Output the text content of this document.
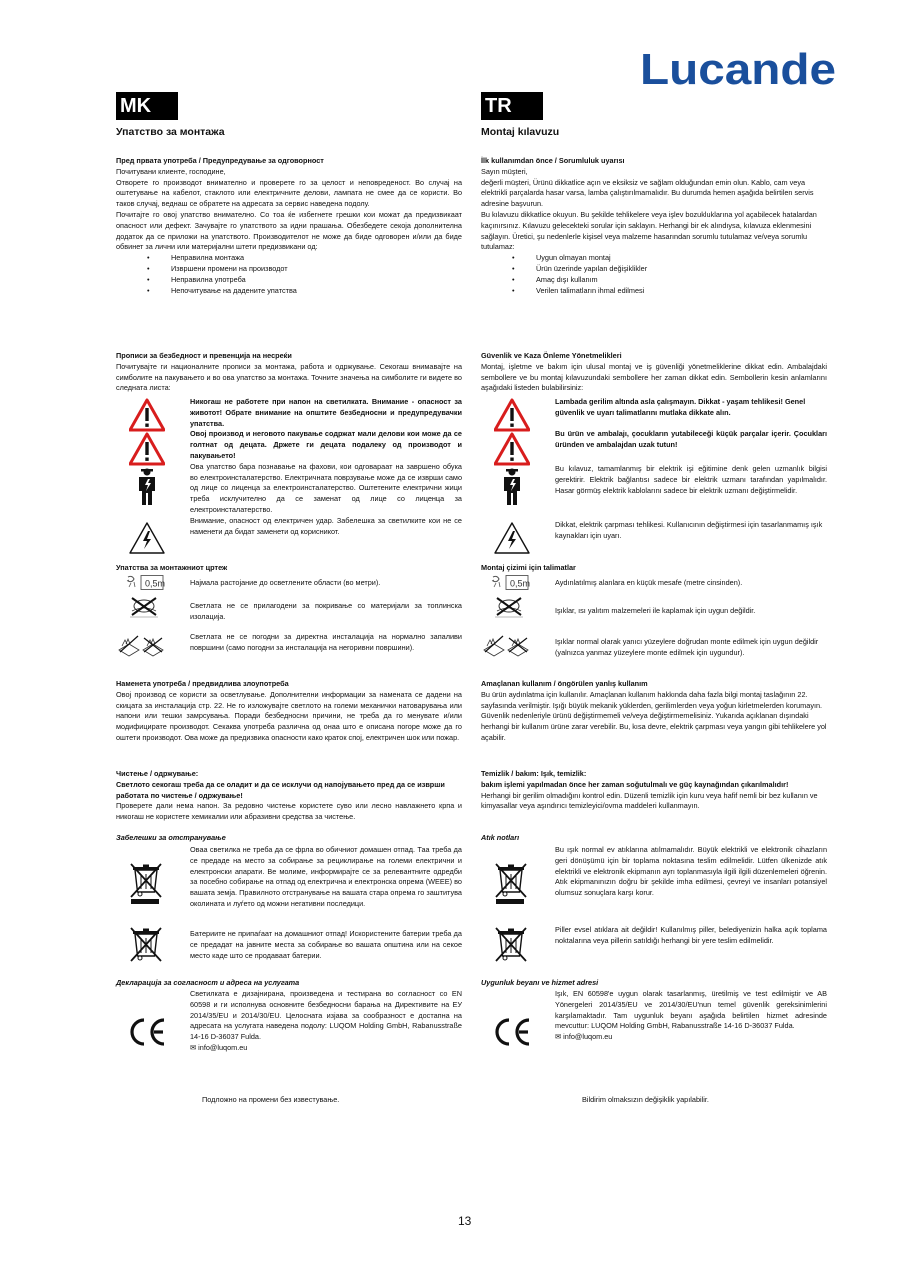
Lucande
MK

Упатство за монтажа

Пред првата употреба / Предупредување за одговорност

Почитувани клиенте, господине,

Отворете го производот внимателно и проверете го за целост и неповреденост. Во случај на оштетување на кабелот, стаклото или електричните делови, лампата не смее да се користи. Во таков случај, веднаш се обратете на адресата за сервис наведена подолу.

Почитајте го овој упатство внимателно. Со тоа ќе избегнете грешки кои можат да предизвикаат опасност или дефект. Зачувајте го упатството за идни прашања. Обезбедете секоја дополнителна додаток да се приложи на упатството. Производителот не може да биде одговорен и/или да биде обвинет за лични или материјални штети предизвикани од:

• Неправилна монтажа
• Извршени промени на производот
• Неправилна употреба
• Непочитување на дадените упатства

Прописи за безбедност и превенција на несреќи

Почитувајте ги националните прописи за монтажа, работа и одржување. Секогаш внимавајте на симболите на пакувањето и во ова упатство за монтажа. Точните значења на симболите ги видете во следната листа:

Никогаш не работете при напон на светилката. Внимание - опасност за животот! Обрате внимание на општите безбедносни и предупредувачки упатства.

Овој производ и неговото пакување содржат мали делови кои може да се голтнат од децата. Држете ги децата подалеку од производот и пакувањето!

Ова упатство бара познавање на фахови, кои одговараат на завршено обука во електроинсталатерство. Електричната поврзување може да се изврши само од лице со лиценца за електроинсталатерство. Оштетените електрични жици треба исклучително да се заменат од лице со лиценца за електроинсталатерство.

Внимание, опасност од електричен удар. Забелешка за светилките кои не се наменети да бидат заменети од корисникот.

Упатства за монтажниот цртеж

0,5m	Најмала растојание до осветлените области (во метри).

Светлата не се прилагодени за покривање со материјали за топлинска изолација.

Светлата не се погодни за директна инсталација на нормално запаливи површини (само погодни за инсталација на негоривни површини).

Наменета употреба / предвидлива злоупотреба

Овој производ се користи за осветлување. Дополнителни информации за намената се дадени на скицата за инсталација стр. 22. Не го изложувајте светлото на големи механички натоварувања или напони или тешки замрсувања. Поради безбедносни причини, не треба да го менувате и/или модифицирате производот. Секаква употреба различна од онаа што е описана погоре може да го оштети производот. Ова може да предизвика опасности како краток спој, електричен шок или пожар.

Чистење / одржување:

Светлото секогаш треба да се оладит и да се исклучи од напојувањето пред да се изврши работата по чистење / одржување!

Проверете дали нема напон. За редовно чистење користете суво или лесно навлажнето крпа и никогаш не користете хемикалии или абразивни средства за чистење.

Забелешки за отстранување

Оваа светилка не треба да се фрла во обичниот домашен отпад. Таа треба да се предаде на место за собирање за рециклирање на големи електрични и електронски апарати. Ве молиме, информирајте се за релевантните одредби за посебно собирање на отпад од електрична и електронска опрема (WEEE) во вашата земја. Правилното отстранување на вашата стара опрема го заштитува околината и луѓето од можни негативни последици.

Батериите не припаѓаат на домашниот отпад! Искористените батерии треба да се предадат на јавните места за собирање во вашата општина или на секое место каде што се продаваат батерии.

Декларација за согласност и адреса на услугата

Светилката е дизајнирана, произведена и тестирана во согласност со EN 60598 и ги исполнува основните безбедносни барања на Директивите на ЕУ 2014/35/EU и 2014/30/EU. Целосната изјава за сообразност е достапна на адресата на услугата наведена подолу: LUQOM Holding GmbH, Rabanusstraße 14-16 D-36037 Fulda.

✉ info@luqom.eu

Подложно на промени без известување.
TR

Montaj kılavuzu

İlk kullanımdan önce / Sorumluluk uyarısı

Sayın müşteri,

değerli müşteri, Ürünü dikkatlice açın ve eksiksiz ve sağlam olduğundan emin olun. Kablo, cam veya elektrikli parçalarda hasar varsa, lamba çalıştırılmamalıdır. Bu durumda hemen aşağıda belirtilen servis adresine başvurun.

Bu kılavuzu dikkatlice okuyun. Bu şekilde tehlikelere veya işlev bozukluklarına yol açabilecek hatalardan kaçınırsınız. Kılavuzu gelecekteki sorular için saklayın. Herhangi bir ek alındıysa, kılavuza eklenmesini sağlayın. Üretici, şu nedenlerle kişisel veya malzeme hasarından sorumlu tutulamaz ve/veya sorumlu tutulamaz:

• Uygun olmayan montaj
• Ürün üzerinde yapılan değişiklikler
• Amaç dışı kullanım
• Verilen talimatların ihmal edilmesi

Güvenlik ve Kaza Önleme Yönetmelikleri

Montaj, işletme ve bakım için ulusal montaj ve iş güvenliği yönetmeliklerine dikkat edin. Ambalajdaki sembollere ve bu montaj kılavuzundaki sembollere her zaman dikkat edin. Sembollerin kesin anlamlarını aşağıdaki listeden bulabilirsiniz:

Lambada gerilim altında asla çalışmayın. Dikkat - yaşam tehlikesi! Genel güvenlik ve uyarı talimatlarını mutlaka dikkate alın.

Bu ürün ve ambalajı, çocukların yutabileceği küçük parçalar içerir. Çocukları üründen ve ambalajdan uzak tutun!

Bu kılavuz, tamamlanmış bir elektrik işi eğitimine denk gelen uzmanlık bilgisi gerektirir. Elektrik bağlantısı sadece bir elektrik uzmanı tarafından yapılmalıdır. Hasar görmüş elektrik kablolarını sadece bir elektrik uzmanı değiştirmelidir.

Dikkat, elektrik çarpması tehlikesi. Kullanıcının değiştirmesi için tasarlanmamış ışık kaynakları için uyarı.

Montaj çizimi için talimatlar

0,5m	Aydınlatılmış alanlara en küçük mesafe (metre cinsinden).

Işıklar, ısı yalıtım malzemeleri ile kaplamak için uygun değildir.

Işıklar normal olarak yanıcı yüzeylere doğrudan monte edilmek için uygun değildir (yalnızca yanmaz yüzeylere monte edilmek için uygundur).

Amaçlanan kullanım / öngörülen yanlış kullanım

Bu ürün aydınlatma için kullanılır. Amaçlanan kullanım hakkında daha fazla bilgi montaj taslağının 22. sayfasında verilmiştir. Işığı büyük mekanik yüklerden, gerilimlerden veya yoğun kirletmelerden korumayın. Güvenlik nedenleriyle ürünü değiştirmemeli ve/veya değiştirmemelisiniz. Yukarıda açıklanan dışındaki herhangi bir kullanım ürüne zarar verebilir. Bu, kısa devre, elektrik çarpması veya yangın gibi tehlikelere yol açabilir.

Temizlik / bakım: Işık, temizlik:

bakım işlemi yapılmadan önce her zaman soğutulmalı ve güç kaynağından çıkarılmalıdır!

Herhangi bir gerilim olmadığını kontrol edin. Düzenli temizlik için kuru veya hafif nemli bir bez kullanın ve kimyasallar veya aşındırıcı temizleyici/ovma maddeleri kullanmayın.

Atık notları

Bu ışık normal ev atıklarına atılmamalıdır. Büyük elektrikli ve elektronik cihazların geri dönüşümü için bir toplama noktasına teslim edilmelidir. Lütfen ülkenizde atık elektrikli ve elektronik ekipmanın ayrı toplanmasıyla ilgili ilgili düzenlemeleri öğrenin. Atık ekipmanınızın doğru bir şekilde imha edilmesi, çevreyi ve insanları potansiyel olumsuz sonuçlara karşı korur.

Piller evsel atıklara ait değildir! Kullanılmış piller, belediyenizin halka açık toplama noktalarına veya pillerin satıldığı herhangi bir yere teslim edilmelidir.

Uygunluk beyanı ve hizmet adresi

Işık, EN 60598'e uygun olarak tasarlanmış, üretilmiş ve test edilmiştir ve AB Yönergeleri 2014/35/EU ve 2014/30/EU'nun temel güvenlik gereksinimlerini karşılamaktadır. Tam uygunluk beyanı aşağıda belirtilen hizmet adresinde mevcuttur: LUQOM Holding GmbH, Rabanusstraße 14-16 D-36037 Fulda.

✉ info@luqom.eu

Bildirim olmaksızın değişiklik yapılabilir.
13
